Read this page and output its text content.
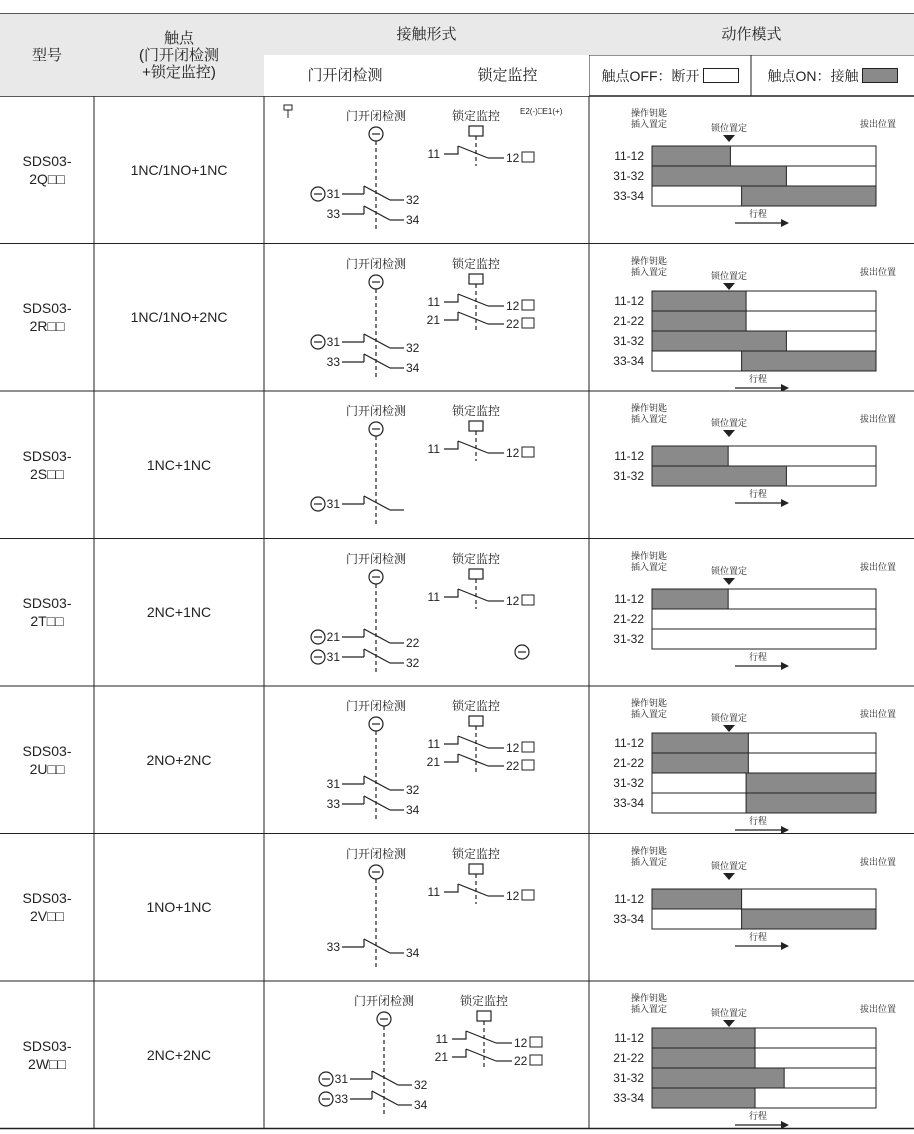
型号
触点
(门开闭检测
+锁定监控)
接触形式	动作模式
门开闭检测	锁定监控	触点OFF：断开	触点ON：接触
SDS03-
2Q□□
1NC/1NO+1NC
E2(-)⎕E1(+)
门开闭检测	锁定监控
11	12
31	32
33	34
操作钥匙
插入置定	锁位置定	拔出位置
11-12
31-32
33-34
行程
SDS03-
2R□□
1NC/1NO+2NC
门开闭检测	锁定监控
11	12
21	22
31	32
33	34
操作钥匙
插入置定	锁位置定	拔出位置
11-12
21-22
31-32
33-34
行程
SDS03-
2S□□
1NC+1NC
门开闭检测	锁定监控
11	12
31
操作钥匙
插入置定	锁位置定	拔出位置
11-12
31-32
行程
SDS03-
2T□□
2NC+1NC
门开闭检测	锁定监控
11	12
21	22
31	32
操作钥匙
插入置定	锁位置定	拔出位置
11-12
21-22
31-32
行程
SDS03-
2U□□
2NO+2NC
门开闭检测	锁定监控
11	12
21	22
31	32
33	34
操作钥匙
插入置定	锁位置定	拔出位置
11-12
21-22
31-32
33-34
行程
SDS03-
2V□□
1NO+1NC
门开闭检测	锁定监控
11	12
33	34
操作钥匙
插入置定	锁位置定	拔出位置
11-12
33-34
行程
SDS03-
2W□□
2NC+2NC
门开闭检测	锁定监控
11	12
21	22
31	32
33	34
操作钥匙
插入置定	锁位置定	拔出位置
11-12
21-22
31-32
33-34
行程
